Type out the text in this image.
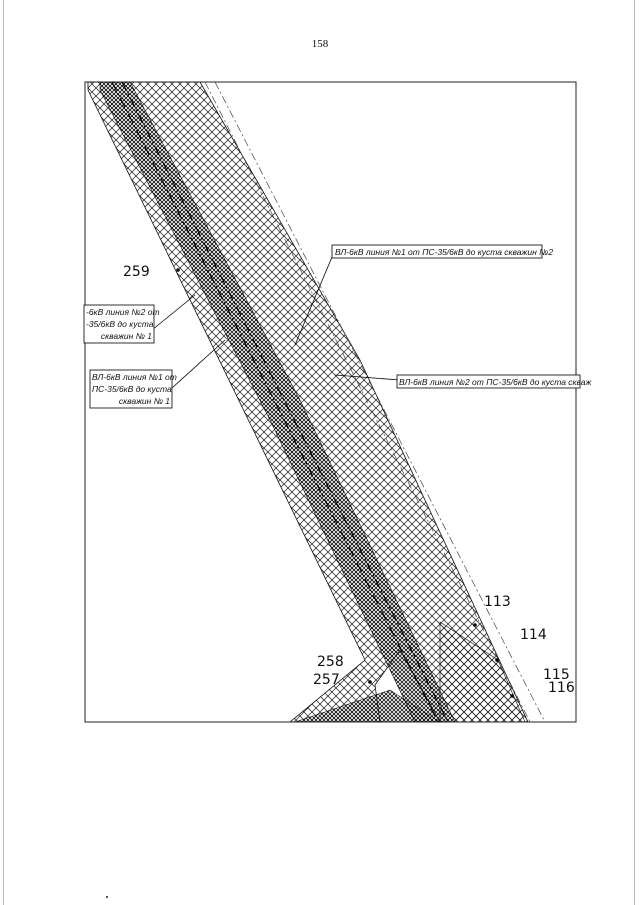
158
ВЛ-6кВ линия №1 от ПС-35/6кВ до куста скважин №2
ВЛ-6кВ линия №2 от ПС-35/6кВ до куста скваж
-6кВ линия №2 от
-35/6кВ до куста
скважин № 1
ВЛ-6кВ линия №1 от
ПС-35/6кВ до куста
скважин № 1
259
113
114
258
257	115
116
